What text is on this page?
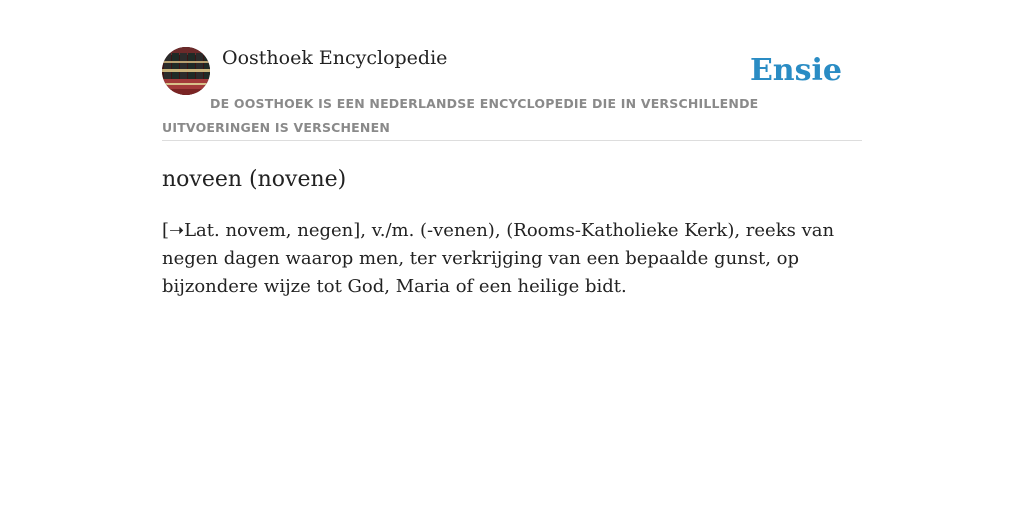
Oosthoek Encyclopedie	Ensie
DE OOSTHOEK IS EEN NEDERLANDSE ENCYCLOPEDIE DIE IN VERSCHILLENDE UITVOERINGEN IS VERSCHENEN
noveen (novene)

[➝Lat. novem, negen], v./m. (-venen), (Rooms-Katholieke Kerk), reeks van negen dagen waarop men, ter verkrijging van een bepaalde gunst, op bijzondere wijze tot God, Maria of een heilige bidt.
